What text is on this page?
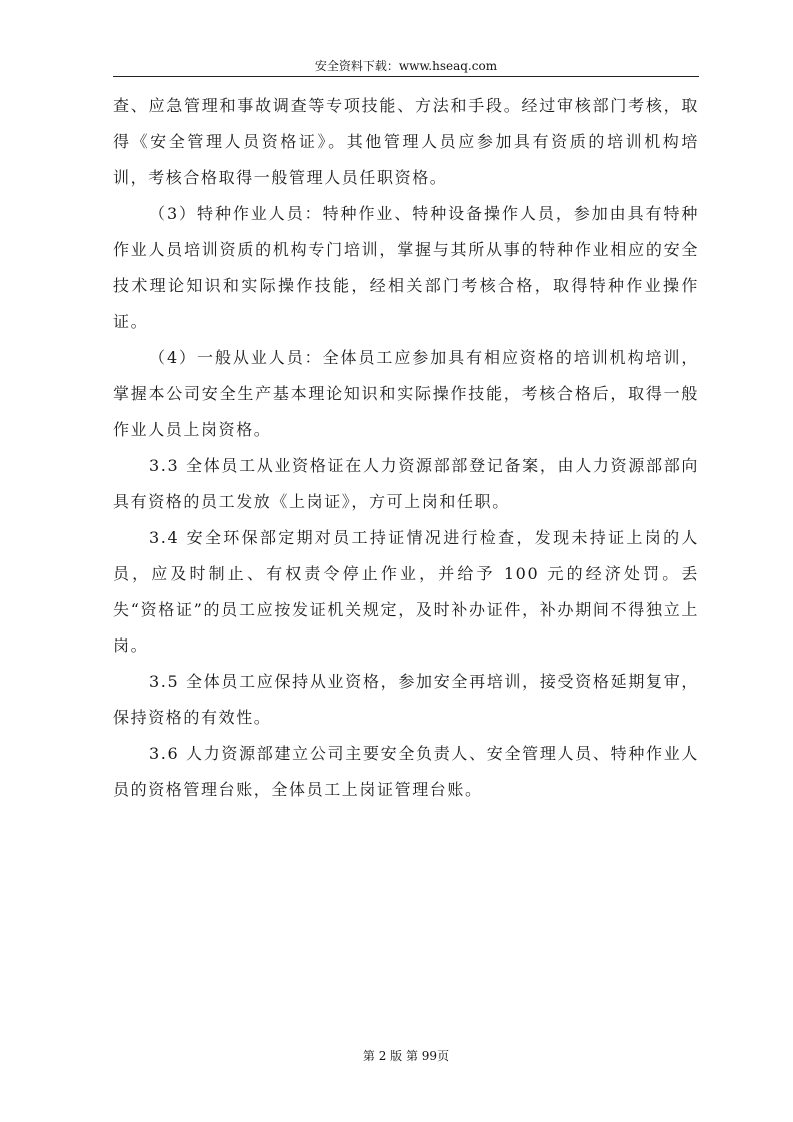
安全资料下载：www.hseaq.com

查、应急管理和事故调查等专项技能、方法和手段。经过审核部门考核，取得《安全管理人员资格证》。其他管理人员应参加具有资质的培训机构培训，考核合格取得一般管理人员任职资格。

（3）特种作业人员：特种作业、特种设备操作人员，参加由具有特种作业人员培训资质的机构专门培训，掌握与其所从事的特种作业相应的安全技术理论知识和实际操作技能，经相关部门考核合格，取得特种作业操作证。

（4）一般从业人员：全体员工应参加具有相应资格的培训机构培训，掌握本公司安全生产基本理论知识和实际操作技能，考核合格后，取得一般作业人员上岗资格。

3.3 全体员工从业资格证在人力资源部部登记备案，由人力资源部部向具有资格的员工发放《上岗证》，方可上岗和任职。

3.4 安全环保部定期对员工持证情况进行检查，发现未持证上岗的人员，应及时制止、有权责令停止作业，并给予 100 元的经济处罚。丢失“资格证”的员工应按发证机关规定，及时补办证件，补办期间不得独立上岗。

3.5 全体员工应保持从业资格，参加安全再培训，接受资格延期复审，保持资格的有效性。

3.6 人力资源部建立公司主要安全负责人、安全管理人员、特种作业人员的资格管理台账，全体员工上岗证管理台账。

第 2 版 第 99页
